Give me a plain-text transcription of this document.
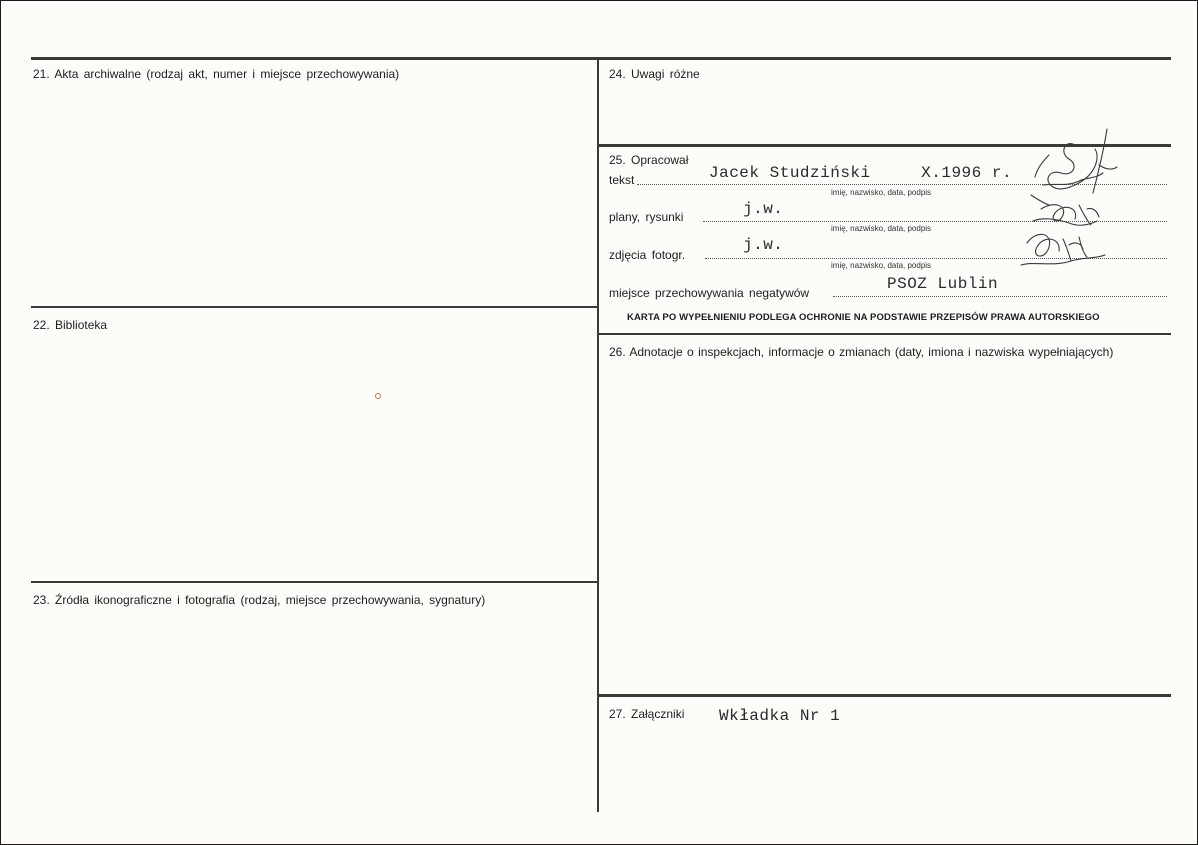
21. Akta archiwalne (rodzaj akt, numer i miejsce przechowywania)
22. Biblioteka
23. Źródła ikonograficzne i fotografia (rodzaj, miejsce przechowywania, sygnatury)
24. Uwagi różne
25. Opracował
tekst	Jacek Studziński     X.1996 r.
imię, nazwisko, data, podpis
plany, rysunki	j.w.
imię, nazwisko, data, podpis
zdjęcia fotogr.
j.w.
imię, nazwisko, data, podpis
miejsce przechowywania negatywów	PSOZ Lublin
KARTA PO WYPEŁNIENIU PODLEGA OCHRONIE NA PODSTAWIE PRZEPISÓW PRAWA AUTORSKIEGO
26. Adnotacje o inspekcjach, informacje o zmianach (daty, imiona i nazwiska wypełniających)
27. Załączniki Wkładka Nr 1
